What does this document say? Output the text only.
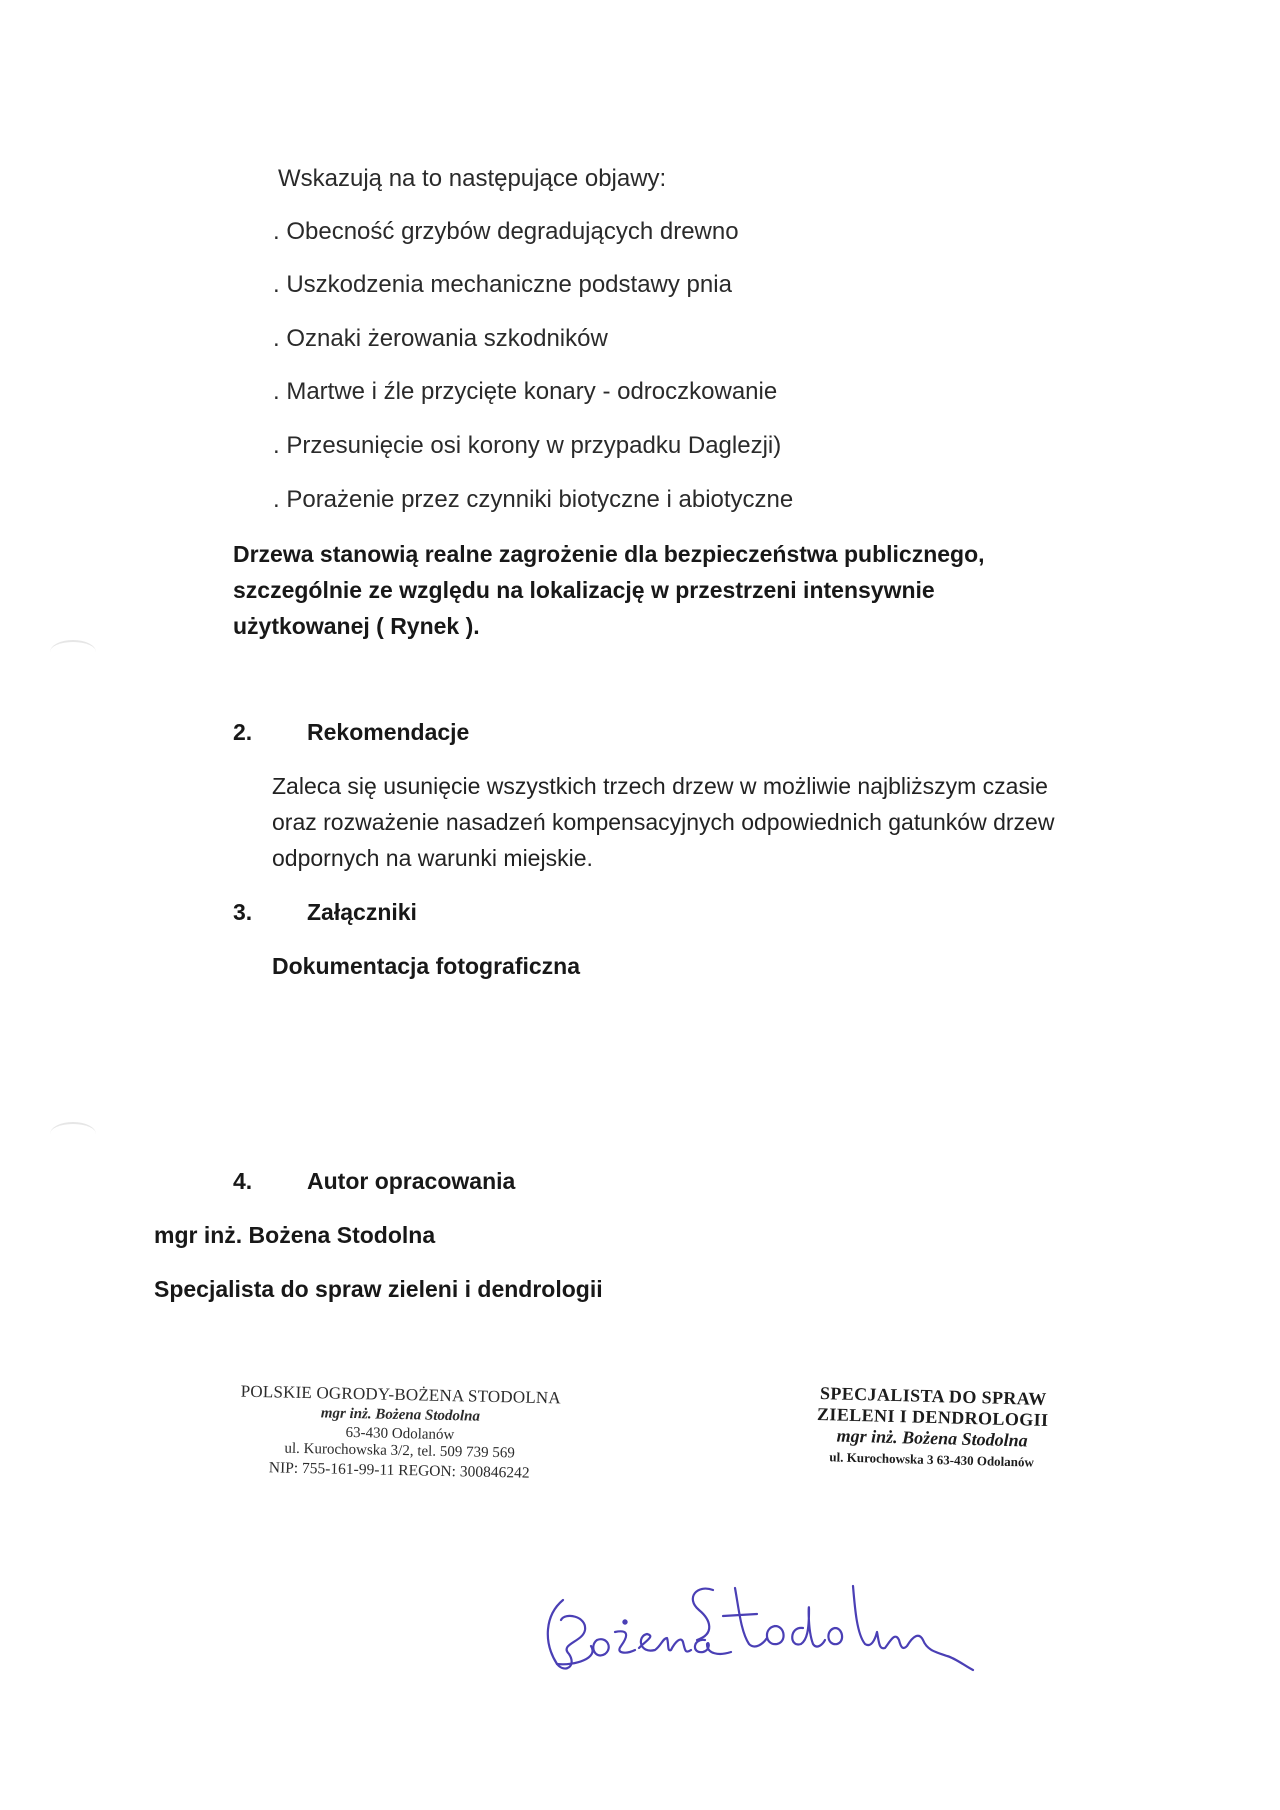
Wskazują na to następujące objawy:
. Obecność grzybów degradujących drewno
. Uszkodzenia mechaniczne podstawy pnia
. Oznaki żerowania szkodników
. Martwe i źle przycięte konary - odroczkowanie
. Przesunięcie osi korony w przypadku Daglezji)
. Porażenie przez czynniki biotyczne i abiotyczne
Drzewa stanowią realne zagrożenie dla bezpieczeństwa publicznego,
szczególnie ze względu na lokalizację w przestrzeni intensywnie
użytkowanej ( Rynek ).
2. Rekomendacje
Zaleca się usunięcie wszystkich trzech drzew w możliwie najbliższym czasie
oraz rozważenie nasadzeń kompensacyjnych odpowiednich gatunków drzew
odpornych na warunki miejskie.
3. Załączniki
Dokumentacja fotograficzna
4. Autor opracowania
mgr inż. Bożena Stodolna
Specjalista do spraw zieleni i dendrologii
POLSKIE OGRODY-BOŻENA STODOLNA
mgr inż. Bożena Stodolna
63-430 Odolanów
ul. Kurochowska 3/2, tel. 509 739 569
NIP: 755-161-99-11 REGON: 300846242
SPECJALISTA DO SPRAW
ZIELENI I DENDROLOGII
mgr inż. Bożena Stodolna
ul. Kurochowska 3 63-430 Odolanów
